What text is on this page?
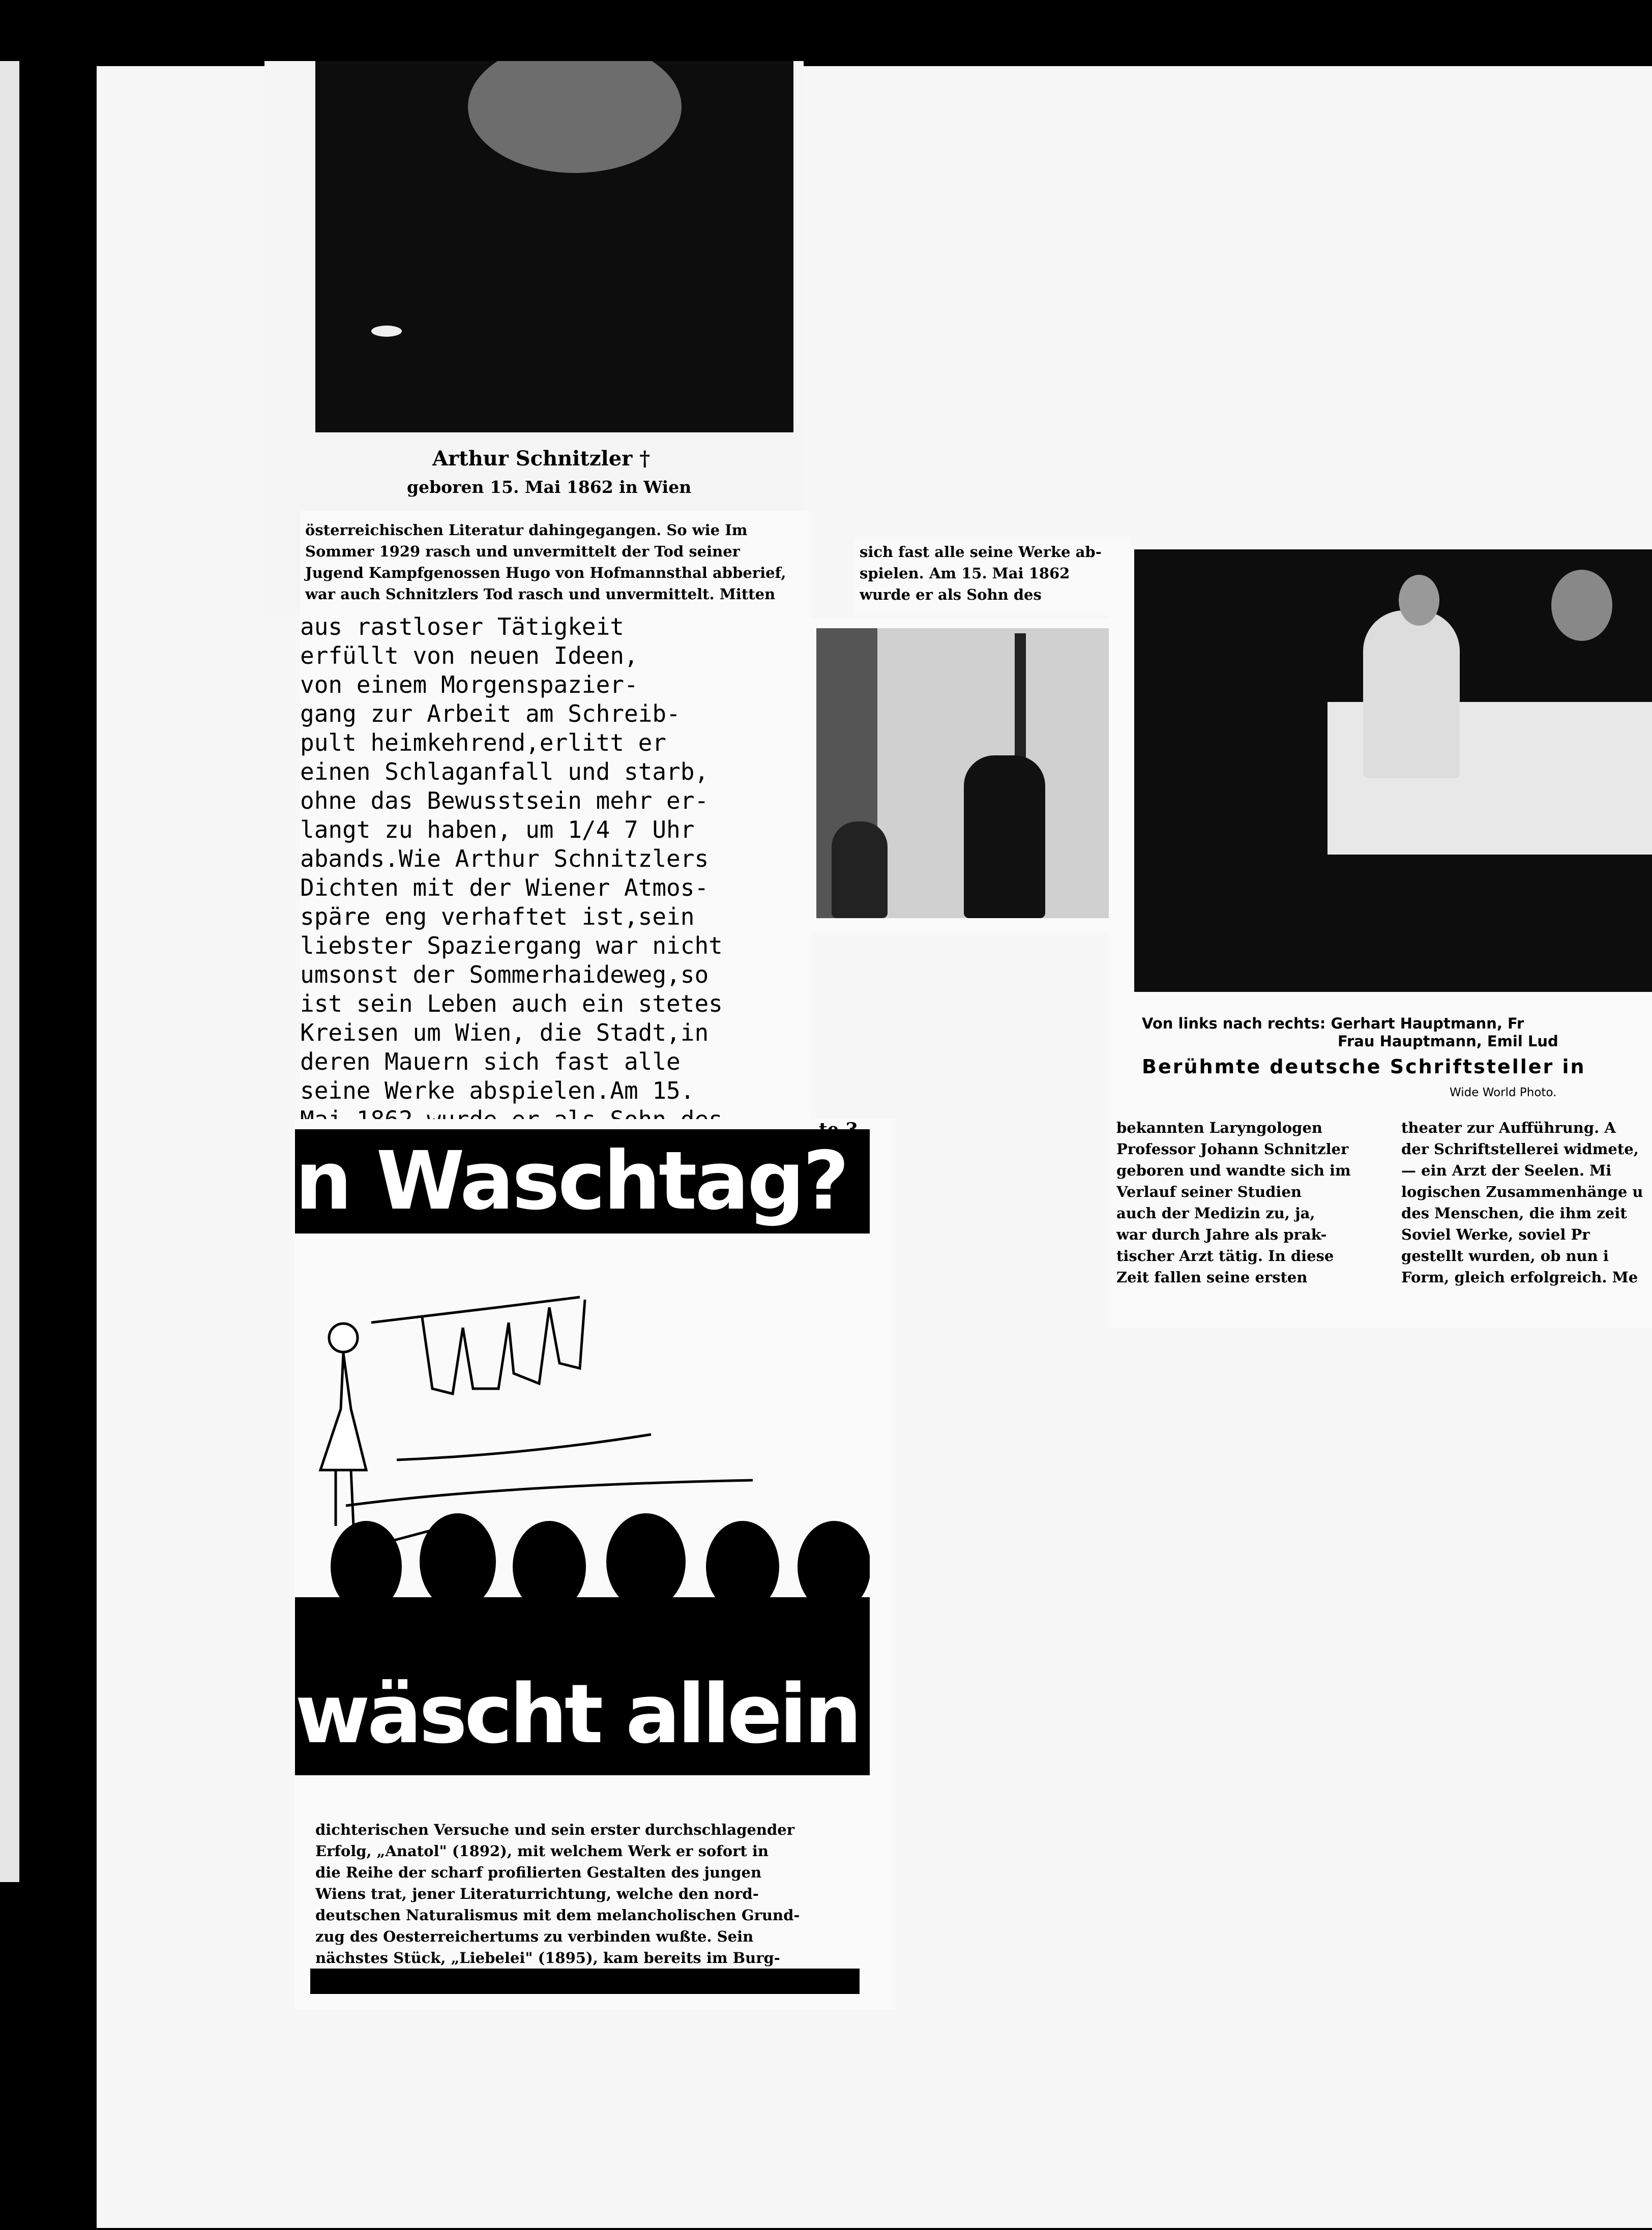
Arthur Schnitzler †
geboren 15. Mai 1862 in Wien
österreichischen Literatur dahingegangen. So wie Im
Sommer 1929 rasch und unvermittelt der Tod seiner
Jugend Kampfgenossen Hugo von Hofmannsthal abberief,
war auch Schnitzlers Tod rasch und unvermittelt. Mitten
aus rastloser Tätigkeit
erfüllt von neuen Ideen,
von einem Morgenspazier-
gang zur Arbeit am Schreib-
pult heimkehrend,erlitt er
einen Schlaganfall und starb,
ohne das Bewusstsein mehr er-
langt zu haben, um 1/4 7 Uhr
abands.Wie Arthur Schnitzlers
Dichten mit der Wiener Atmos-
späre eng verhaftet ist,sein
liebster Spaziergang war nicht
umsonst der Sommerhaideweg,so
ist sein Leben auch ein stetes
Kreisen um Wien, die Stadt,in
deren Mauern sich fast alle
seine Werke abspielen.Am 15.
sich fast alle seine Werke ab-
spielen. Am 15. Mai 1862
wurde er als Sohn des
Von links nach rechts: Gerhart Hauptmann, Fr
Frau Hauptmann, Emil Lud
Berühmte deutsche Schriftsteller in
Wide World Photo.
bekannten Laryngologen
Professor Johann Schnitzler
geboren und wandte sich im
Verlauf seiner Studien
auch der Medizin zu, ja,
war durch Jahre als prak-
tischer Arzt tätig. In diese
Zeit fallen seine ersten
theater zur Aufführung. A
der Schriftstellerei widmete,
— ein Arzt der Seelen. Mi
logischen Zusammenhänge u
des Menschen, die ihm zeit
Soviel Werke, soviel Pr
gestellt wurden, ob nun i
Form, gleich erfolgreich. Me
n Waschtag?
wäscht allein
dichterischen Versuche und sein erster durchschlagender
Erfolg, „Anatol" (1892), mit welchem Werk er sofort in
die Reihe der scharf profilierten Gestalten des jungen
Wiens trat, jener Literaturrichtung, welche den nord-
deutschen Naturalismus mit dem melancholischen Grund-
zug des Oesterreichertums zu verbinden wußte. Sein
nächstes Stück, „Liebelei" (1895), kam bereits im Burg-
